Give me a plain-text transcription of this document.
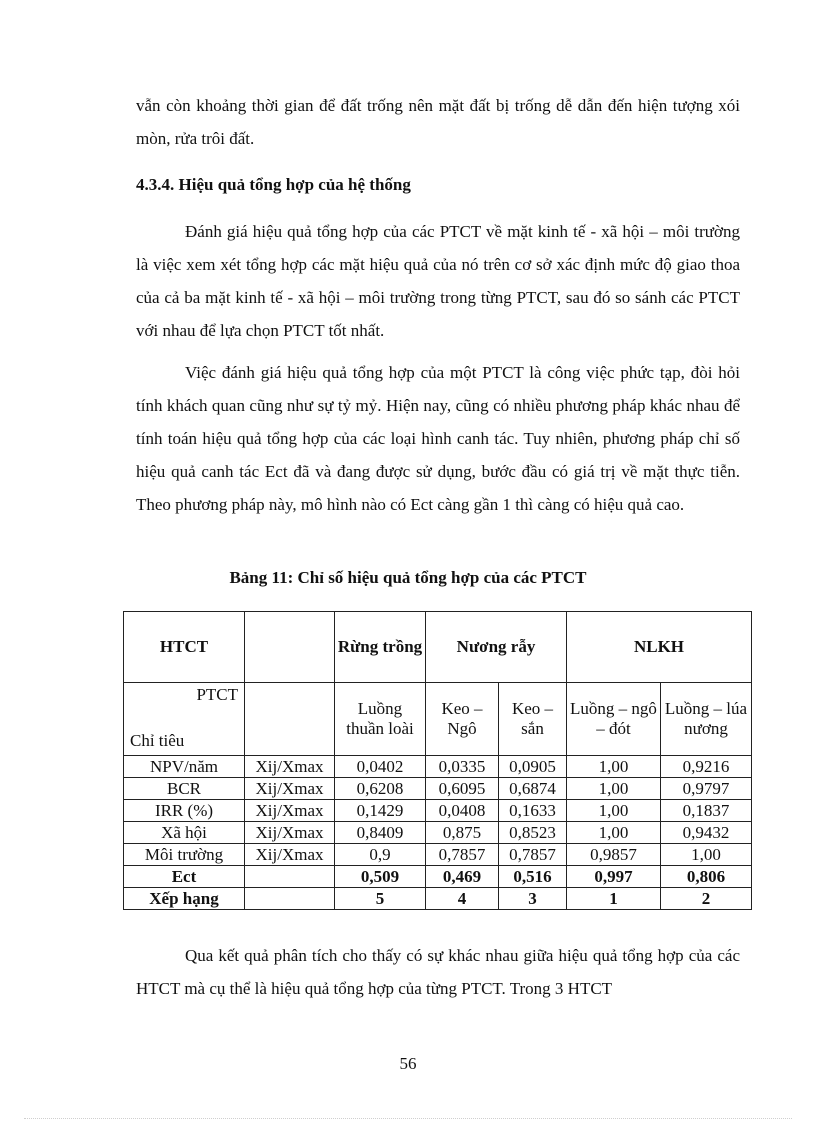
vẫn còn khoảng thời gian để đất trống nên mặt đất bị trống dễ dẫn đến hiện tượng xói mòn, rửa trôi đất.

4.3.4. Hiệu quả tổng hợp của hệ thống

Đánh giá hiệu quả tổng hợp của các PTCT về mặt kinh tế - xã hội – môi trường là việc xem xét tổng hợp các mặt hiệu quả của nó trên cơ sở xác định mức độ giao thoa của cả ba mặt kinh tế - xã hội – môi trường trong từng PTCT, sau đó so sánh các PTCT với nhau để lựa chọn PTCT tốt nhất.

Việc đánh giá hiệu quả tổng hợp của một PTCT là công việc phức tạp, đòi hỏi tính khách quan cũng như sự tỷ mỷ. Hiện nay, cũng có nhiều phương pháp khác nhau để tính toán hiệu quả tổng hợp của các loại hình canh tác. Tuy nhiên, phương pháp chỉ số hiệu quả canh tác Ect đã và đang được sử dụng, bước đầu có giá trị về mặt thực tiễn. Theo phương pháp này, mô hình nào có Ect càng gần 1 thì càng có hiệu quả cao.

Bảng 11: Chỉ số hiệu quả tổng hợp của các PTCT

HTCT		Rừng trồng	Nương rẫy		NLKH	

PTCT
Chỉ tiêu		Luồng thuần loài	Keo – Ngô	Keo – sắn	Luồng – ngô – đót	Luồng – lúa nương
NPV/năm	Xij/Xmax	0,0402	0,0335	0,0905	1,00	0,9216
BCR	Xij/Xmax	0,6208	0,6095	0,6874	1,00	0,9797
IRR (%)	Xij/Xmax	0,1429	0,0408	0,1633	1,00	0,1837
Xã hội	Xij/Xmax	0,8409	0,875	0,8523	1,00	0,9432
Môi trường	Xij/Xmax	0,9	0,7857	0,7857	0,9857	1,00
Ect		0,509	0,469	0,516	0,997	0,806
Xếp hạng		5	4	3	1	2

Qua kết quả phân tích cho thấy có sự khác nhau giữa hiệu quả tổng hợp của các HTCT mà cụ thể là hiệu quả tổng hợp của từng PTCT. Trong 3 HTCT

56
